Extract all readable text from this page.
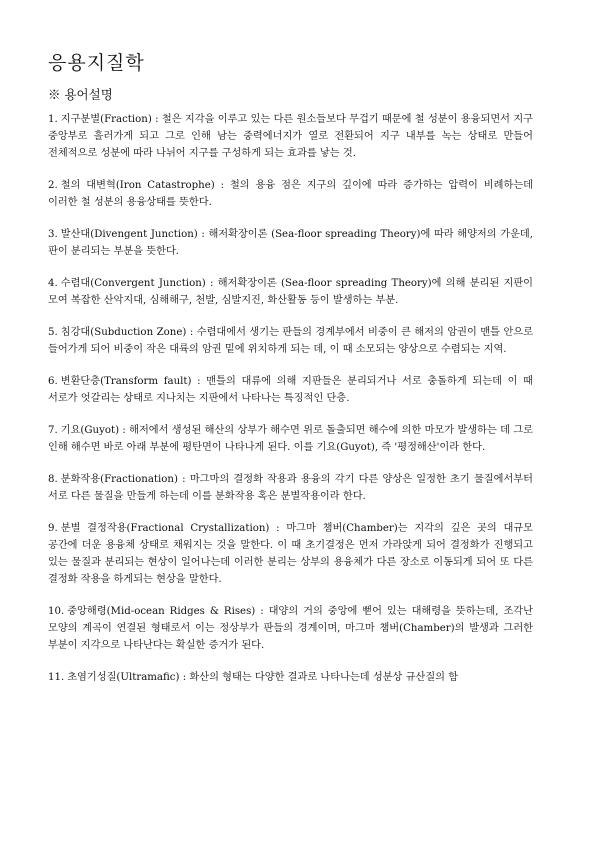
응용지질학
※ 용어설명

1. 지구분별(Fraction) : 철은 지각을 이루고 있는 다른 원소들보다 무겁기 때문에 철 성분이 용융되면서 지구 중앙부로 흘러가게 되고 그로 인해 남는 중력에너지가 열로 전환되어 지구 내부를 녹는 상태로 만들어 전체적으로 성분에 따라 나뉘어 지구를 구성하게 되는 효과를 낳는 것.

2. 철의 대변혁(Iron Catastrophe) : 철의 용융 점은 지구의 깊이에 따라 증가하는 압력이 비례하는데 이러한 철 성분의 용융상태를 뜻한다.

3. 발산대(Divengent Junction) : 해저확장이론 (Sea-floor spreading Theory)에 따라 해양저의 가운데, 판이 분리되는 부분을 뜻한다.

4. 수렴대(Convergent Junction) : 해저확장이론 (Sea-floor spreading Theory)에 의해 분리된 지판이 모여 복잡한 산악지대, 심해해구, 천발, 심발지진, 화산활동 등이 발생하는 부분.

5. 침강대(Subduction Zone) : 수렴대에서 생기는 판들의 경계부에서 비중이 큰 해저의 암권이 맨틀 안으로 들어가게 되어 비중이 작은 대륙의 암권 밑에 위치하게 되는 데, 이 때 소모되는 양상으로 수렴되는 지역.

6. 변환단층(Transform fault) : 맨틀의 대류에 의해 지판들은 분리되거나 서로 충돌하게 되는데 이 때 서로가 엇갈리는 상태로 지나치는 지판에서 나타나는 특징적인 단층.

7. 기요(Guyot) : 해저에서 생성된 해산의 상부가 해수면 위로 돌출되면 해수에 의한 마모가 발생하는 데 그로 인해 해수면 바로 아래 부분에 평탄면이 나타나게 된다. 이를 기요(Guyot), 즉 '평정해산'이라 한다.

8. 분화작용(Fractionation) : 마그마의 결정화 작용과 용융의 각기 다른 양상은 일정한 초기 물질에서부터 서로 다른 물질을 만들게 하는데 이를 분화작용 혹은 분별작용이라 한다.

9. 분별 결정작용(Fractional Crystallization) : 마그마 챔버(Chamber)는 지각의 깊은 곳의 대규모 공간에 더운 용융체 상태로 채워지는 것을 말한다. 이 때 초기결정은 먼저 가라앉게 되어 결정화가 진행되고 있는 물질과 분리되는 현상이 일어나는데 이러한 분리는 상부의 용융체가 다른 장소로 이동되게 되어 또 다른 결정화 작용을 하게되는 현상을 말한다.

10. 중앙해령(Mid-ocean Ridges & Rises) : 대양의 거의 중앙에 뻗어 있는 대해령을 뜻하는데, 조각난 모양의 계곡이 연결된 형태로서 이는 정상부가 판들의 경계이며, 마그마 챔버(Chamber)의 발생과 그러한 부분이 지각으로 나타난다는 확실한 증거가 된다.

11. 초염기성질(Ultramafic) : 화산의 형태는 다양한 결과로 나타나는데 성분상 규산질의 함
